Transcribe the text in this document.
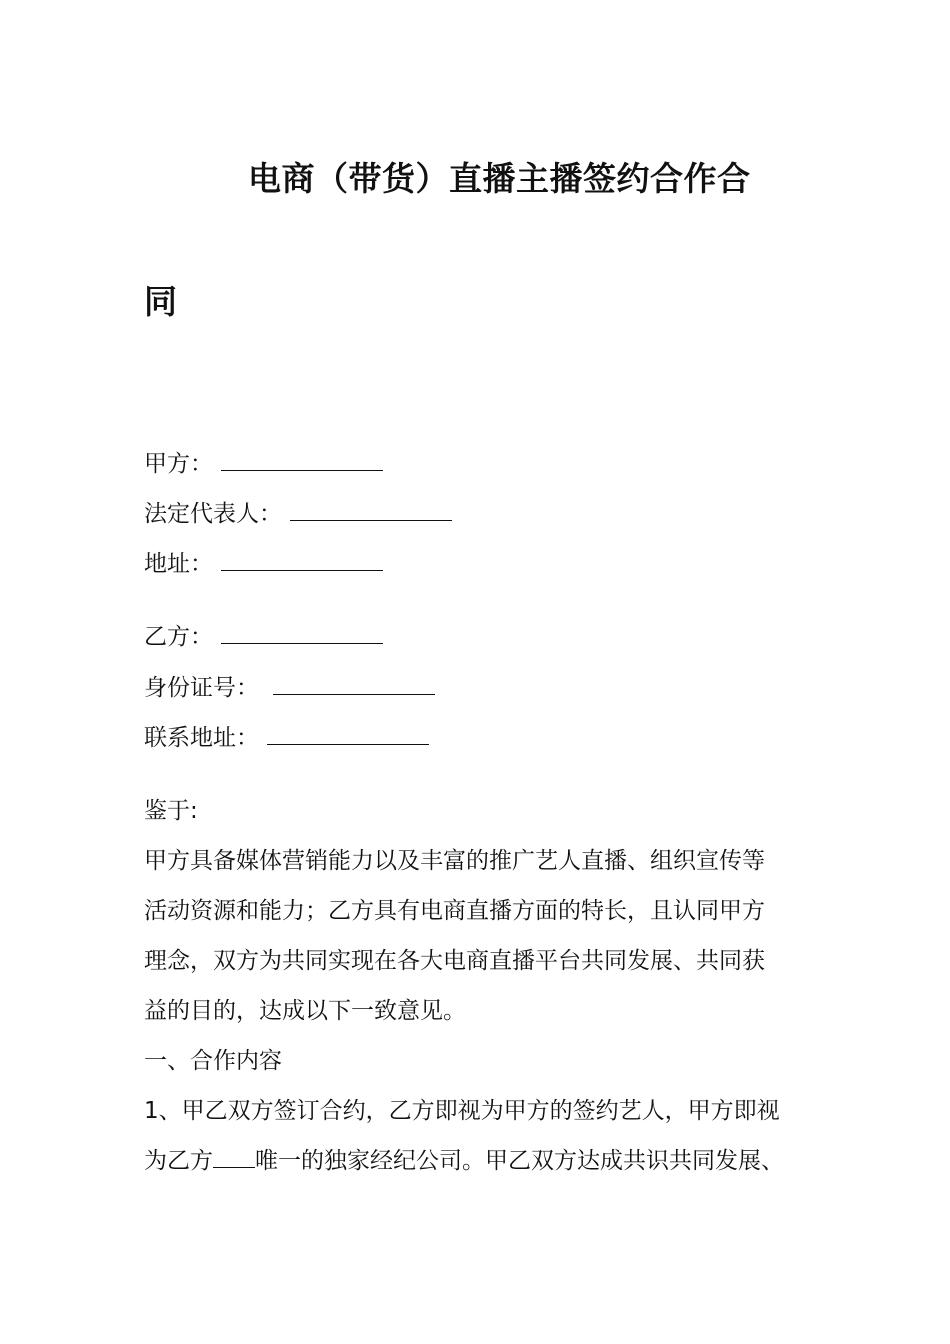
电商（带货）直播主播签约合作合
同
甲方：
法定代表人：
地址：
乙方：
身份证号：
联系地址：
鉴于:
甲方具备媒体营销能力以及丰富的推广艺人直播、组织宣传等
活动资源和能力；乙方具有电商直播方面的特长，且认同甲方
理念，双方为共同实现在各大电商直播平台共同发展、共同获
益的目的，达成以下一致意见。
一、合作内容
1、甲乙双方签订合约，乙方即视为甲方的签约艺人，甲方即视
为乙方 唯一的独家经纪公司。甲乙双方达成共识共同发展、
